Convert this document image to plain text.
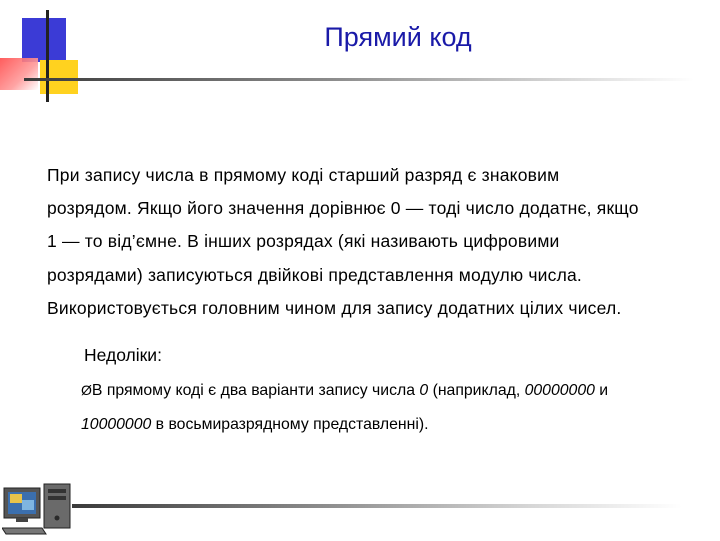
Прямий код
При запису числа в прямому коді старший разряд є знаковим
розрядом. Якщо його значення дорівнює 0 — тоді число додатнє, якщо
1 — то від’ємне. В інших розрядах (які називають цифровими
розрядами) записуються двійкові представлення модулю числа.
Використовується головним чином для запису додатних цілих чисел.
Недоліки:
ØВ прямому коді є два варіанти запису числа 0 (наприклад, 00000000 и
10000000 в восьмиразрядному представленні).
